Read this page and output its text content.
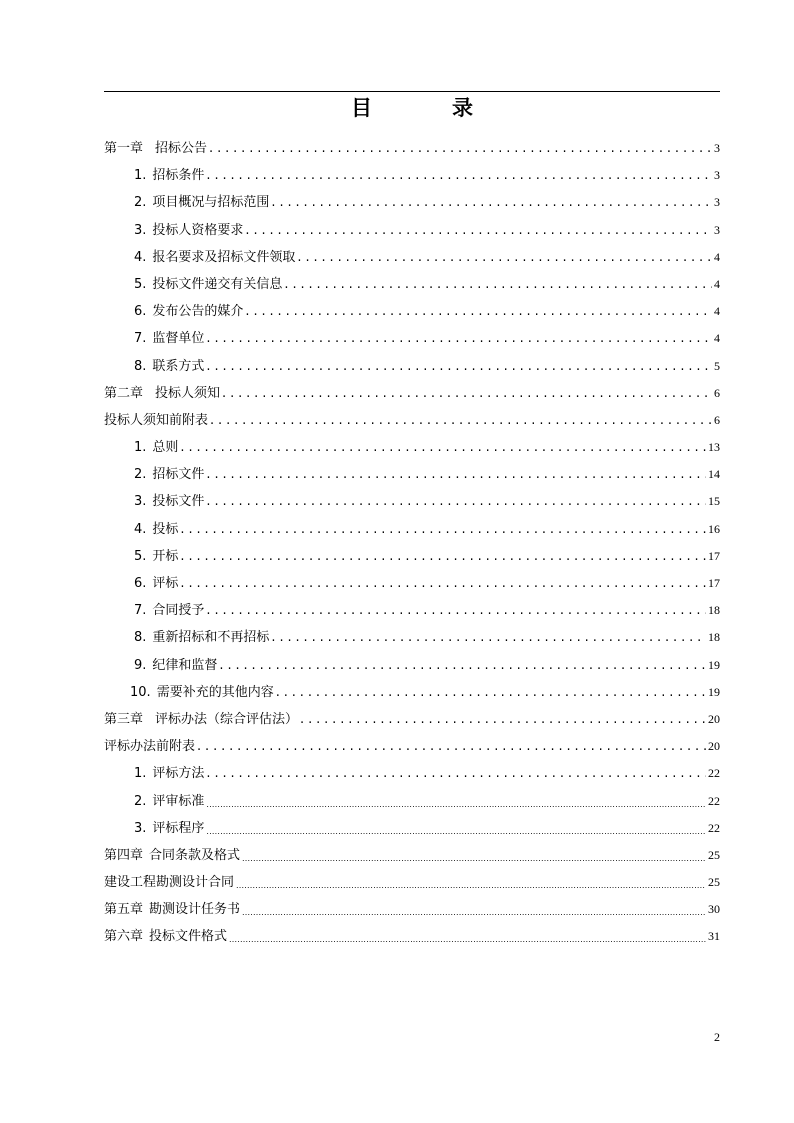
目	录
第一章 招标公告 .....	3
1. 招标条件 .....	3
2. 项目概况与招标范围 .....	3
3. 投标人资格要求 .....	3
4. 报名要求及招标文件领取 .....	4
5. 投标文件递交有关信息 .....	4
6. 发布公告的媒介 .....	4
7. 监督单位 .....	4
8. 联系方式 .....	5
第二章 投标人须知 .....	6
投标人须知前附表 .....	6
1. 总则 .....	13
2. 招标文件 .....	14
3. 投标文件 .....	15
4. 投标 .....	16
5. 开标 .....	17
6. 评标 .....	17
7. 合同授予 .....	18
8. 重新招标和不再招标 .....	18
9. 纪律和监督 .....	19
10. 需要补充的其他内容 .....	19
第三章 评标办法（综合评估法） .....	20
评标办法前附表 .....	20
1. 评标方法 .....	22
2. 评审标准 .....	22
3. 评标程序 .....	22
第四章 合同条款及格式 .....	25
建设工程勘测设计合同 .....	25
第五章 勘测设计任务书 .....	30
第六章 投标文件格式 .....	31
2
